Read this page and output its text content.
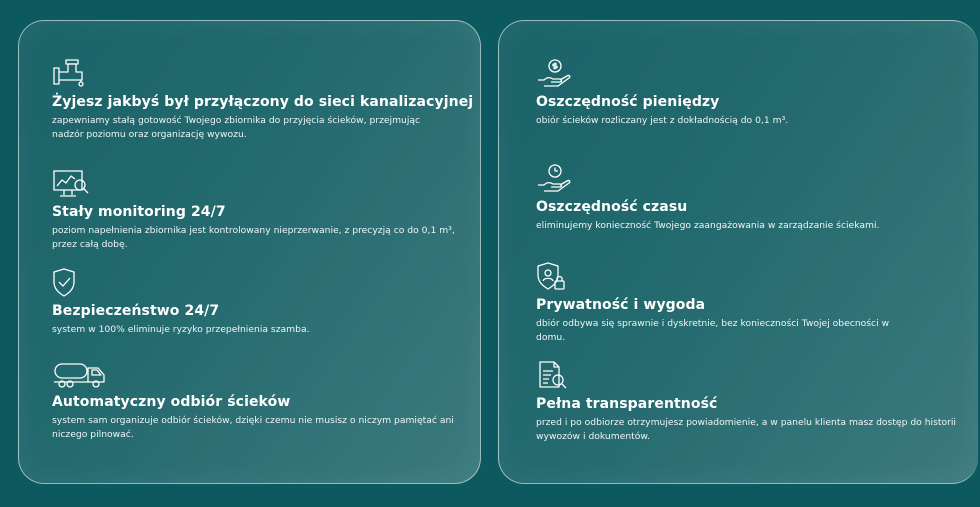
Żyjesz jakbyś był przyłączony do sieci kanalizacyjnej
zapewniamy stałą gotowość Twojego zbiornika do przyjęcia ścieków, przejmując nadzór poziomu oraz organizację wywozu.
Stały monitoring 24/7
poziom napełnienia zbiornika jest kontrolowany nieprzerwanie, z precyzją co do 0,1 m³, przez całą dobę.
Bezpieczeństwo 24/7
system w 100% eliminuje ryzyko przepełnienia szamba.
Automatyczny odbiór ścieków
system sam organizuje odbiór ścieków, dzięki czemu nie musisz o niczym pamiętać ani niczego pilnować.
Oszczędność pieniędzy
obiór ścieków rozliczany jest z dokładnością do 0,1 m³.
Oszczędność czasu
eliminujemy konieczność Twojego zaangażowania w zarządzanie ściekami.
Prywatność i wygoda
dbiór odbywa się sprawnie i dyskretnie, bez konieczności Twojej obecności w domu.
Pełna transparentność
przed i po odbiorze otrzymujesz powiadomienie, a w panelu klienta masz dostęp do historii wywozów i dokumentów.
